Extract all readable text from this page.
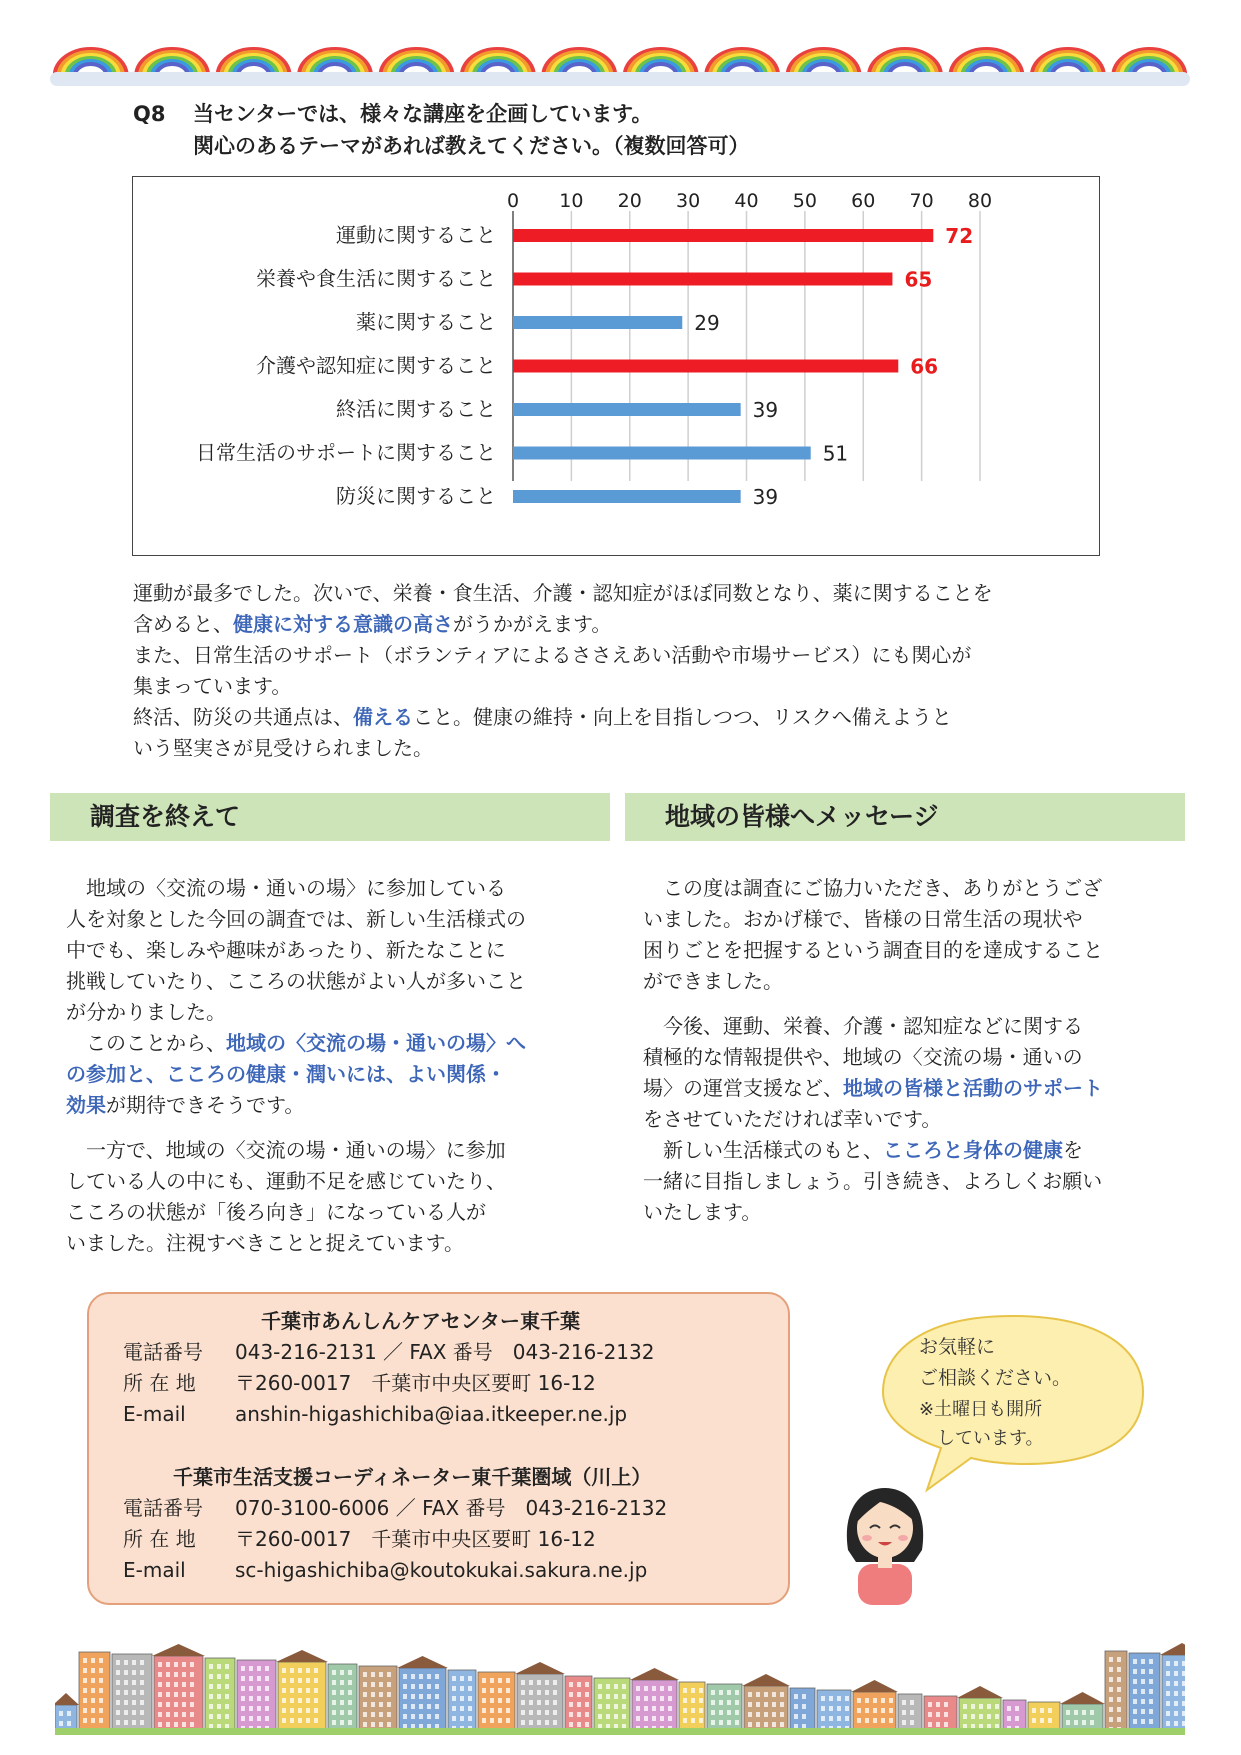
Q8 当センターでは、様々な講座を企画しています。
関心のあるテーマがあれば教えてください。（複数回答可）
0 10 20 30 40 50 60 70 80
運動に関すること	72
栄養や食生活に関すること	65
薬に関すること	29
介護や認知症に関すること	66
終活に関すること	39
日常生活のサポートに関すること	51
防災に関すること	39
運動が最多でした。次いで、栄養・食生活、介護・認知症がほぼ同数となり、薬に関することを
含めると、健康に対する意識の高さがうかがえます。
また、日常生活のサポート（ボランティアによるささえあい活動や市場サービス）にも関心が
集まっています。
終活、防災の共通点は、備えること。健康の維持・向上を目指しつつ、リスクへ備えようと
いう堅実さが見受けられました。
調査を終えて	地域の皆様へメッセージ

　地域の〈交流の場・通いの場〉に参加している

人を対象とした今回の調査では、新しい生活様式の

中でも、楽しみや趣味があったり、新たなことに

挑戦していたり、こころの状態がよい人が多いこと

が分かりました。

　このことから、地域の〈交流の場・通いの場〉へ

の参加と、こころの健康・潤いには、よい関係・

効果が期待できそうです。

　一方で、地域の〈交流の場・通いの場〉に参加

している人の中にも、運動不足を感じていたり、

こころの状態が「後ろ向き」になっている人が

いました。注視すべきことと捉えています。

　この度は調査にご協力いただき、ありがとうござ

いました。おかげ様で、皆様の日常生活の現状や

困りごとを把握するという調査目的を達成すること

ができました。

　今後、運動、栄養、介護・認知症などに関する

積極的な情報提供や、地域の〈交流の場・通いの

場〉の運営支援など、地域の皆様と活動のサポート

をさせていただければ幸いです。

　新しい生活様式のもと、こころと身体の健康を

一緒に目指しましょう。引き続き、よろしくお願い

いたします。

千葉市あんしんケアセンター東千葉
電話番号 043-216-2131 ／ FAX 番号　043-216-2132
所 在 地 〒260-0017　千葉市中央区要町 16-12
E-mail anshin-higashichiba@iaa.itkeeper.ne.jp
千葉市生活支援コーディネーター東千葉圏域（川上）
電話番号 070-3100-6006 ／ FAX 番号　043-216-2132
所 在 地 〒260-0017　千葉市中央区要町 16-12
E-mail sc-higashichiba@koutokukai.sakura.ne.jp
お気軽に
ご相談ください。
※土曜日も開所
　しています。
